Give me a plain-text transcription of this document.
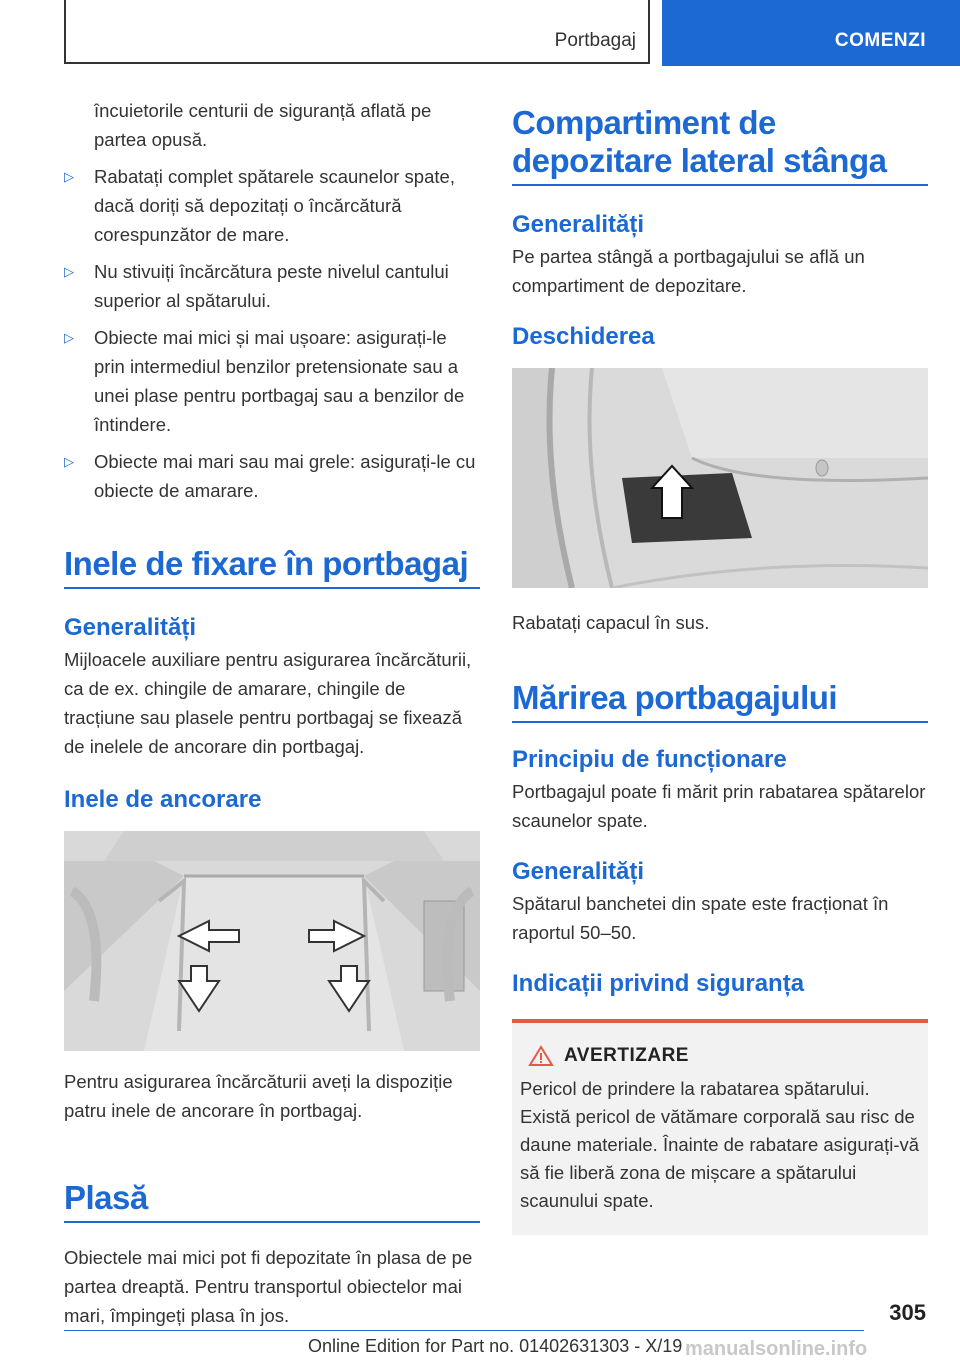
Portbagaj	COMENZI

încuietorile centurii de siguranță aflată pe partea opusă.

▷ Rabatați complet spătarele scaunelor spate, dacă doriți să depozitați o încărcătură corespunzător de mare.
▷ Nu stivuiți încărcătura peste nivelul cantului superior al spătarului.
▷ Obiecte mai mici și mai ușoare: asigurați-le prin intermediul benzilor pretensionate sau a unei plase pentru portbagaj sau a benzilor de întindere.
▷ Obiecte mai mari sau mai grele: asigurați-le cu obiecte de amarare.
Inele de fixare în portbagaj
Generalități

Mijloacele auxiliare pentru asigurarea încărcăturii, ca de ex. chingile de amarare, chingile de tracțiune sau plasele pentru portbagaj se fixează de inelele de ancorare din portbagaj.

Inele de ancorare

Pentru asigurarea încărcăturii aveți la dispoziție patru inele de ancorare în portbagaj.

Plasă

Obiectele mai mici pot fi depozitate în plasa de pe partea dreaptă. Pentru transportul obiectelor mai mari, împingeți plasa în jos.

Compartiment de depozitare lateral stânga
Generalități

Pe partea stângă a portbagajului se află un compartiment de depozitare.

Deschiderea

Rabatați capacul în sus.

Mărirea portbagajului
Principiu de funcționare

Portbagajul poate fi mărit prin rabatarea spătarelor scaunelor spate.

Generalități

Spătarul banchetei din spate este fracționat în raportul 50–50.

Indicații privind siguranța
AVERTIZARE

Pericol de prindere la rabatarea spătarului. Există pericol de vătămare corporală sau risc de daune materiale. Înainte de rabatare asigurați-vă să fie liberă zona de mișcare a spătarului scaunului spate.

305
Online Edition for Part no. 01402631303 - X/19 manualsonline.info
